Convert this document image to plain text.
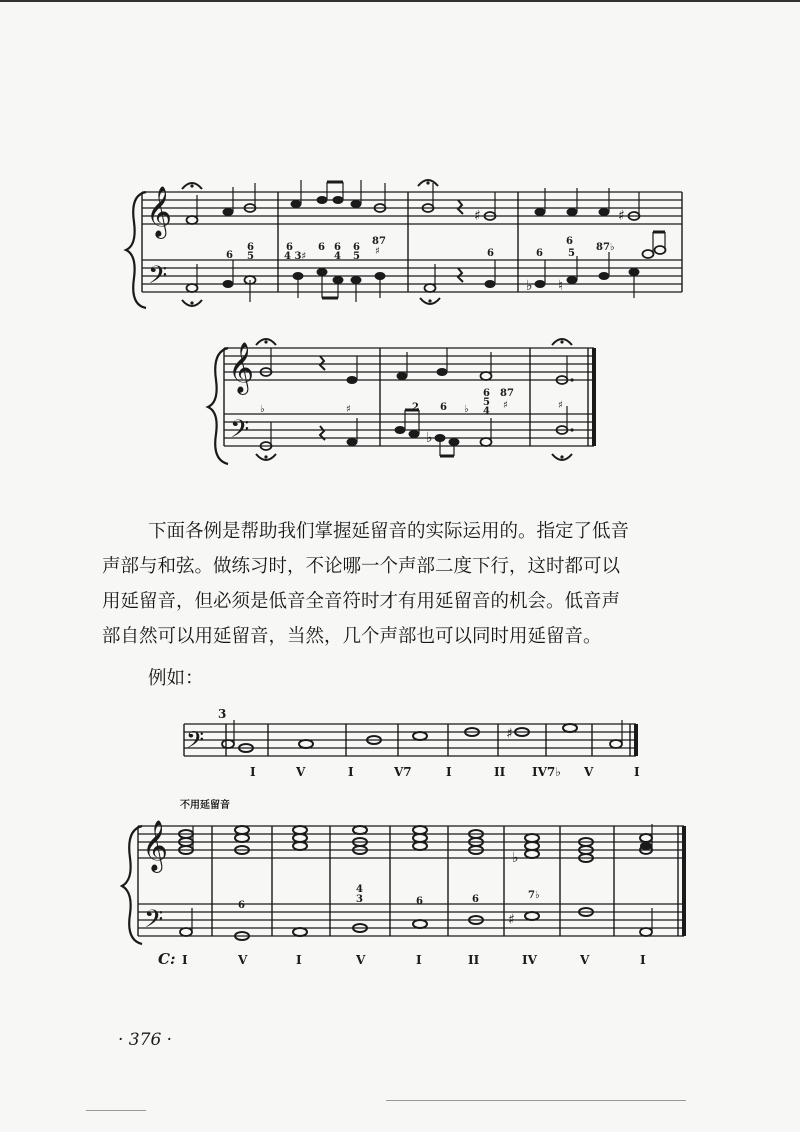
𝄞
𝄢
♯	♯
♭ ♮
6
6
5
6
4 3♯
6 6
4
6
5
87
♯	6	6
6
5
87♭
𝄞
𝄢	♭
♭	♯	2 6 ♭
6
5
4
87
♯	♯
𝄢
3
♯
I	V	I	V7	I	II IV7♭ V	I
不用延留音
𝄞
𝄢
♭
♯
6
4
3	6	6	7♭
C: I	V	I	V	I	II	IV	V	I

下面各例是帮助我们掌握延留音的实际运用的。指定了低音

声部与和弦。做练习时，不论哪一个声部二度下行，这时都可以

用延留音，但必须是低音全音符时才有用延留音的机会。低音声

部自然可以用延留音，当然，几个声部也可以同时用延留音。

例如：
· 376 ·
